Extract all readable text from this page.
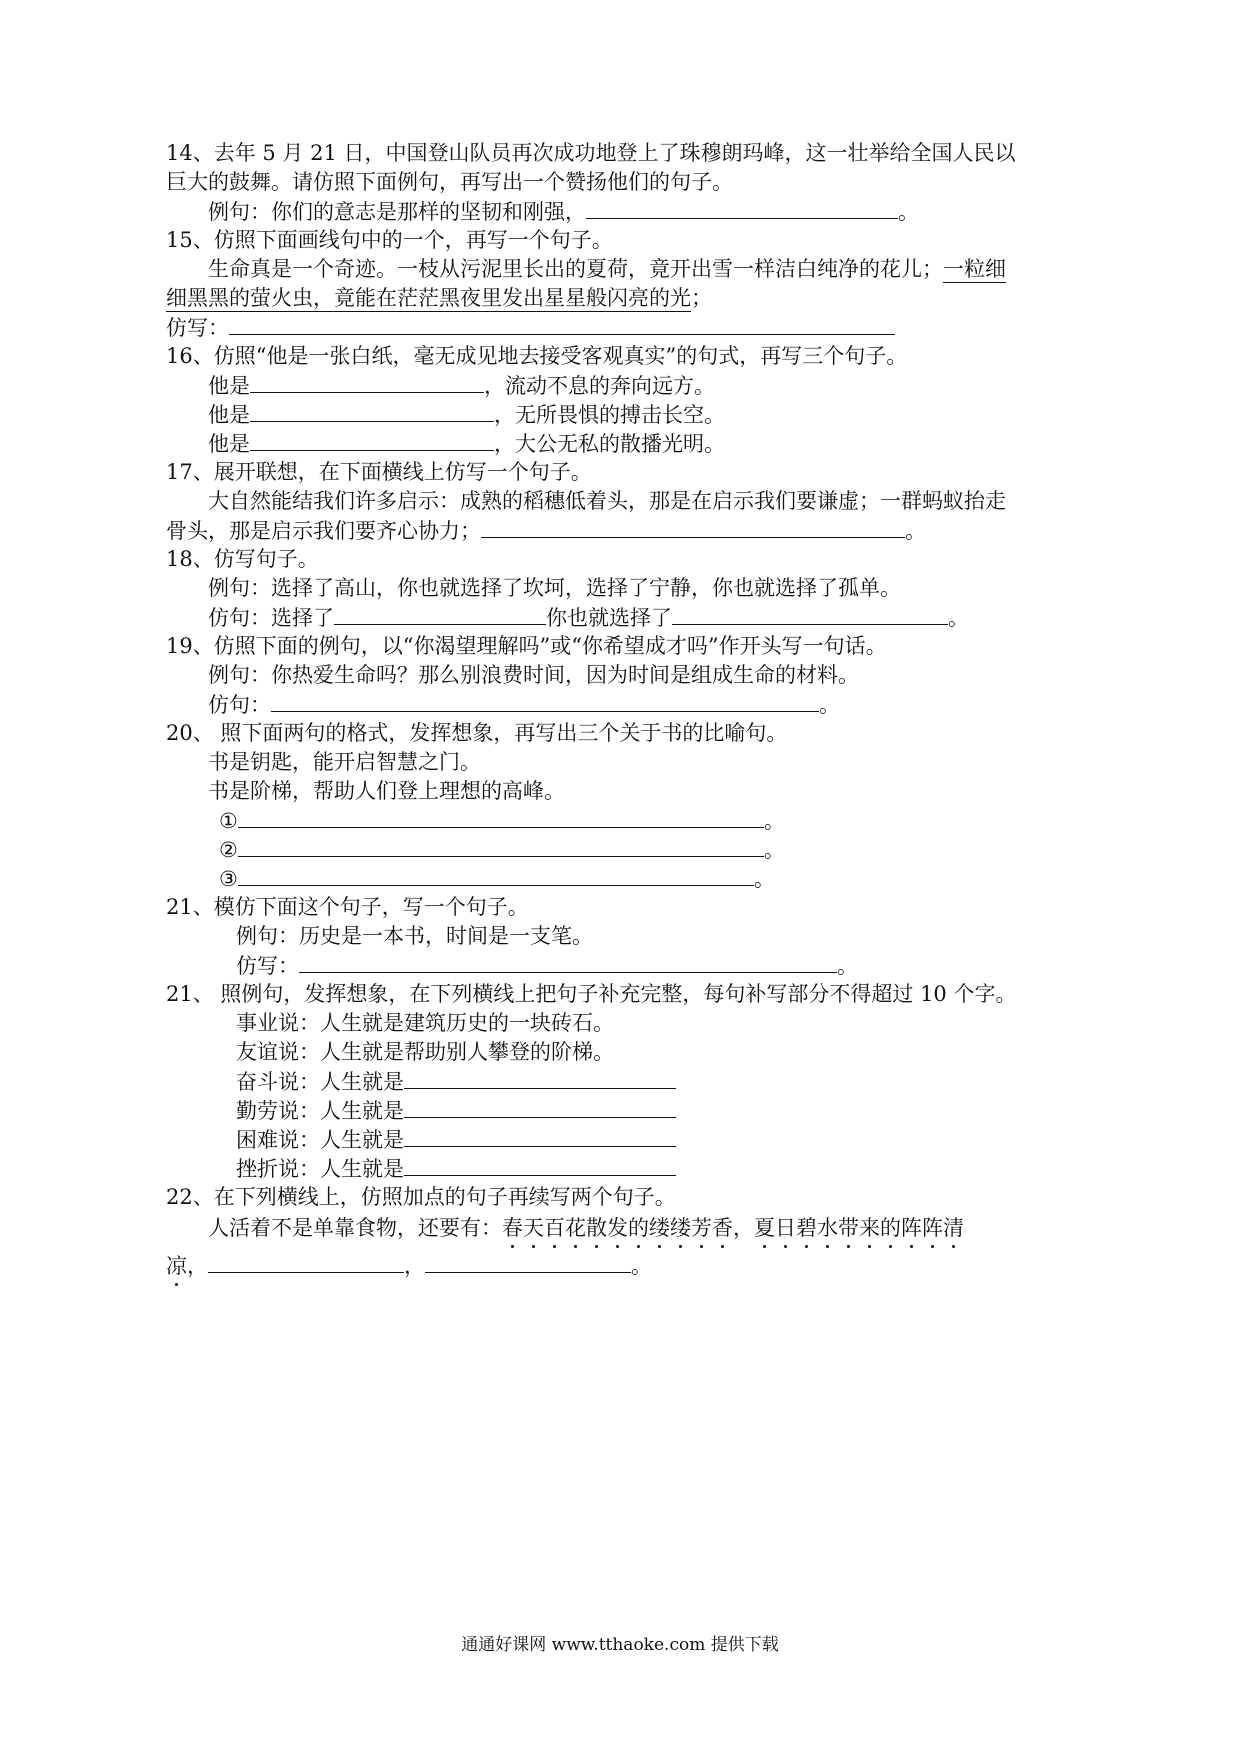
14、去年 5 月 21 日，中国登山队员再次成功地登上了珠穆朗玛峰，这一壮举给全国人民以
巨大的鼓舞。请仿照下面例句，再写出一个赞扬他们的句子。
例句：你们的意志是那样的坚韧和刚强，	。
15、仿照下面画线句中的一个，再写一个句子。
生命真是一个奇迹。一枝从污泥里长出的夏荷，竟开出雪一样洁白纯净的花儿；一粒细
细黑黑的萤火虫，竟能在茫茫黑夜里发出星星般闪亮的光；
仿写：
16、仿照“他是一张白纸，毫无成见地去接受客观真实”的句式，再写三个句子。
他是	，流动不息的奔向远方。
他是	，无所畏惧的搏击长空。
他是	，大公无私的散播光明。
17、展开联想，在下面横线上仿写一个句子。
大自然能结我们许多启示：成熟的稻穗低着头，那是在启示我们要谦虚；一群蚂蚁抬走
骨头，那是启示我们要齐心协力；	。
18、仿写句子。
例句：选择了高山，你也就选择了坎坷，选择了宁静，你也就选择了孤单。
仿句：选择了	你也就选择了	。
19、仿照下面的例句，以“你渴望理解吗”或“你希望成才吗”作开头写一句话。
例句：你热爱生命吗？那么别浪费时间，因为时间是组成生命的材料。
仿句：	。
20、 照下面两句的格式，发挥想象，再写出三个关于书的比喻句。
书是钥匙，能开启智慧之门。
书是阶梯，帮助人们登上理想的高峰。
①	。
②	。
③	。
21、模仿下面这个句子，写一个句子。
例句：历史是一本书，时间是一支笔。
仿写：	。
21、 照例句，发挥想象，在下列横线上把句子补充完整，每句补写部分不得超过 10 个字。
事业说：人生就是建筑历史的一块砖石。
友谊说：人生就是帮助别人攀登的阶梯。
奋斗说：人生就是
勤劳说：人生就是
困难说：人生就是
挫折说：人生就是
22、在下列横线上，仿照加点的句子再续写两个句子。
人活着不是单靠食物，还要有：春天百花散发的缕缕芳香，夏日碧水带来的阵阵清
凉，	，	。
通通好课网 www.tthaoke.com 提供下载
